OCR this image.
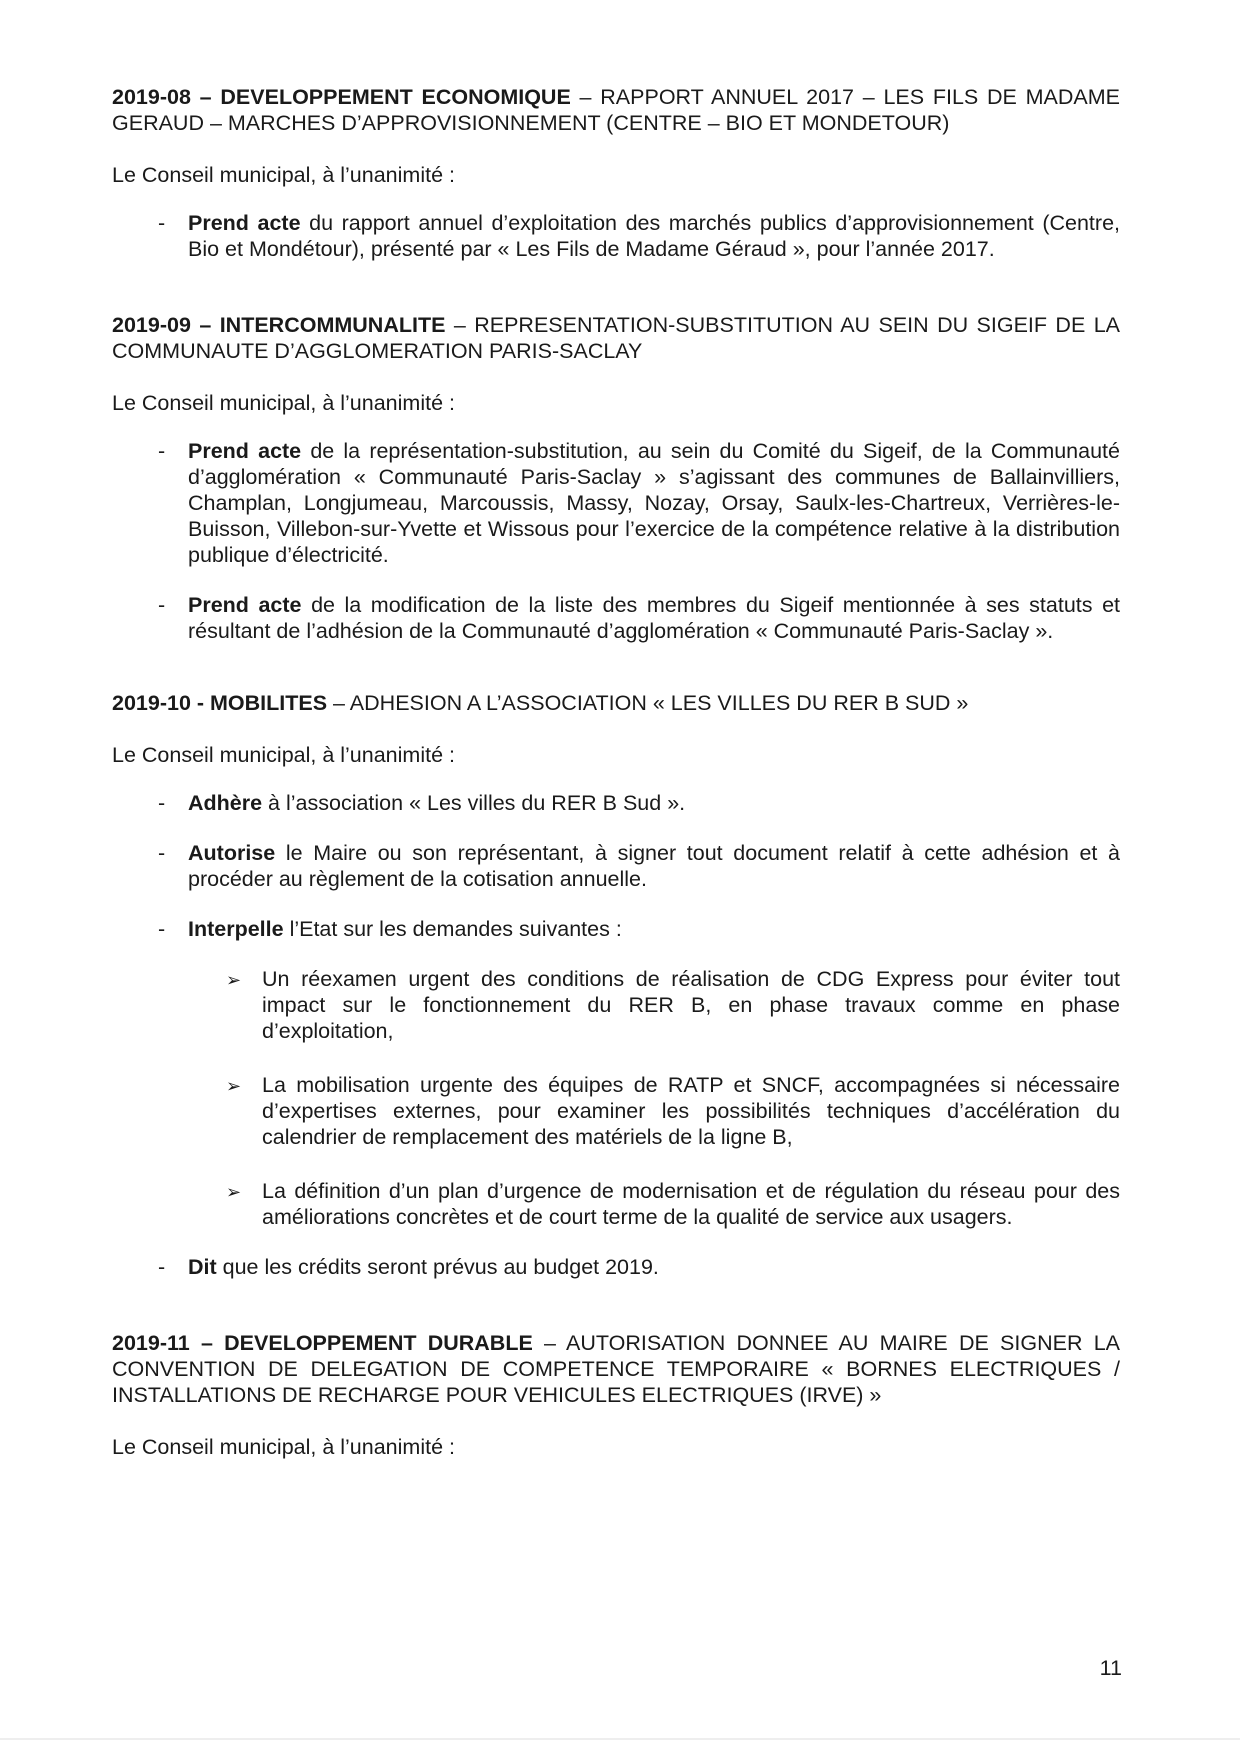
2019-08 – DEVELOPPEMENT ECONOMIQUE – RAPPORT ANNUEL 2017 – LES FILS DE MADAME GERAUD – MARCHES D’APPROVISIONNEMENT (CENTRE – BIO ET MONDETOUR)

Le Conseil municipal, à l’unanimité :

- Prend acte du rapport annuel d’exploitation des marchés publics d’approvisionnement (Centre, Bio et Mondétour), présenté par « Les Fils de Madame Géraud », pour l’année 2017.

2019-09 – INTERCOMMUNALITE – REPRESENTATION-SUBSTITUTION AU SEIN DU SIGEIF DE LA COMMUNAUTE D’AGGLOMERATION PARIS-SACLAY

Le Conseil municipal, à l’unanimité :

- Prend acte de la représentation-substitution, au sein du Comité du Sigeif, de la Communauté d’agglomération « Communauté Paris-Saclay » s’agissant des communes de Ballainvilliers, Champlan, Longjumeau, Marcoussis, Massy, Nozay, Orsay, Saulx-les-Chartreux, Verrières-le-Buisson, Villebon-sur-Yvette et Wissous pour l’exercice de la compétence relative à la distribution publique d’électricité.
- Prend acte de la modification de la liste des membres du Sigeif mentionnée à ses statuts et résultant de l’adhésion de la Communauté d’agglomération « Communauté Paris-Saclay ».

2019-10 - MOBILITES – ADHESION A L’ASSOCIATION « LES VILLES DU RER B SUD »

Le Conseil municipal, à l’unanimité :

- Adhère à l’association « Les villes du RER B Sud ».
- Autorise le Maire ou son représentant, à signer tout document relatif à cette adhésion et à procéder au règlement de la cotisation annuelle.
- Interpelle l’Etat sur les demandes suivantes :
➢ Un réexamen urgent des conditions de réalisation de CDG Express pour éviter tout impact sur le fonctionnement du RER B, en phase travaux comme en phase d’exploitation,
➢ La mobilisation urgente des équipes de RATP et SNCF, accompagnées si nécessaire d’expertises externes, pour examiner les possibilités techniques d’accélération du calendrier de remplacement des matériels de la ligne B,
➢ La définition d’un plan d’urgence de modernisation et de régulation du réseau pour des améliorations concrètes et de court terme de la qualité de service aux usagers.
- Dit que les crédits seront prévus au budget 2019.

2019-11 – DEVELOPPEMENT DURABLE – AUTORISATION DONNEE AU MAIRE DE SIGNER LA CONVENTION DE DELEGATION DE COMPETENCE TEMPORAIRE « BORNES ELECTRIQUES / INSTALLATIONS DE RECHARGE POUR VEHICULES ELECTRIQUES (IRVE) »

Le Conseil municipal, à l’unanimité :

11
